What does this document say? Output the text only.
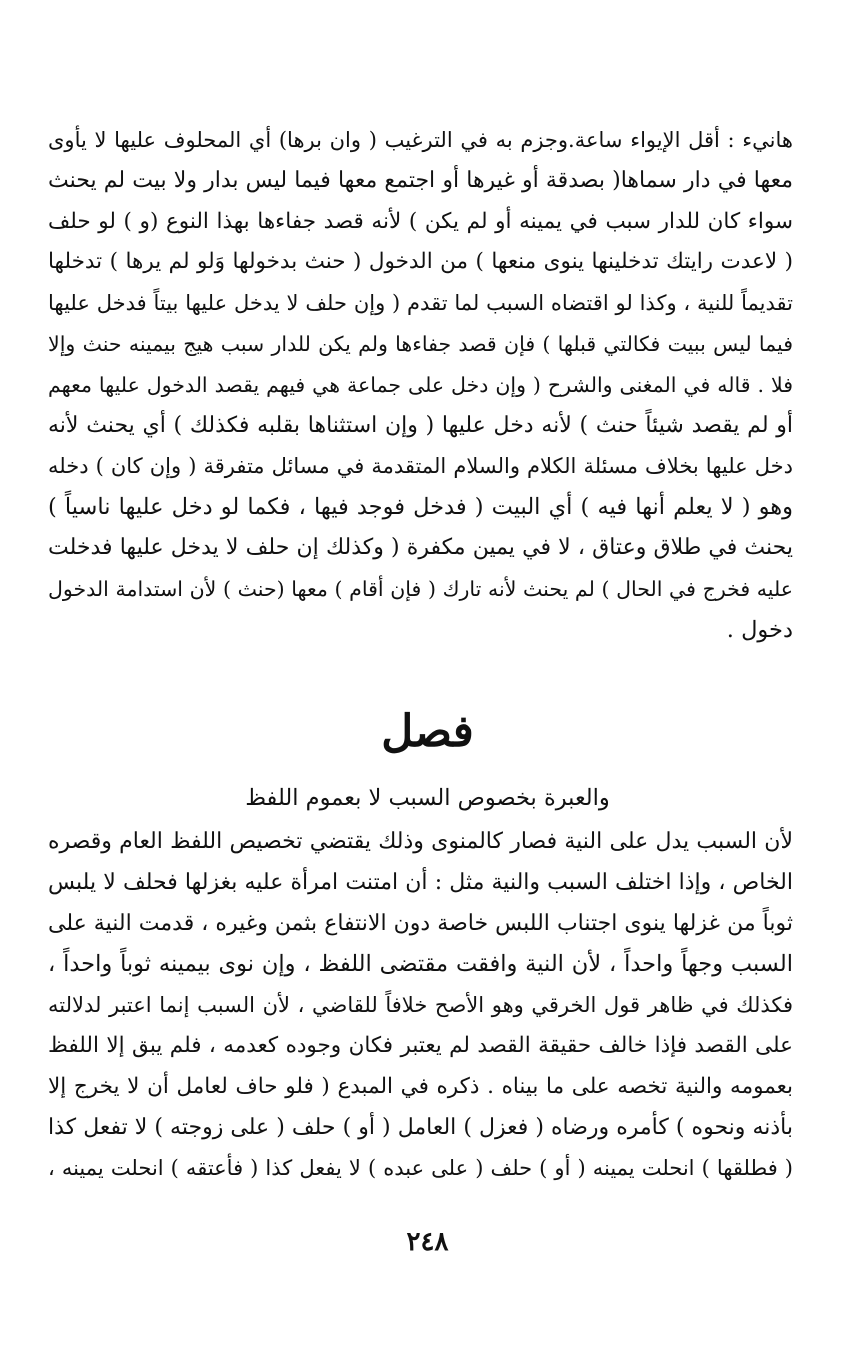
هانيء : أقل الإيواء ساعة.وجزم به في الترغيب ( وان برها) أي المحلوف عليها لا يأوى
معها في دار سماها( بصدقة أو غيرها أو اجتمع معها فيما ليس بدار ولا بيت لم يحنث
سواء كان للدار سبب في يمينه أو لم يكن ) لأنه قصد جفاءها بهذا النوع (و ) لو حلف
( لاعدت رايتك تدخلينها ينوى منعها ) من الدخول ( حنث بدخولها وَلو لم يرها ) تدخلها
تقديماً للنية ، وكذا لو اقتضاه السبب لما تقدم ( وإن حلف لا يدخل عليها بيتاً فدخل عليها
فيما ليس ببيت فكالتي قبلها ) فإن قصد جفاءها ولم يكن للدار سبب هيج بيمينه حنث وإلا
فلا . قاله في المغنى والشرح ( وإن دخل على جماعة هي فيهم يقصد الدخول عليها معهم
أو لم يقصد شيئاً حنث ) لأنه دخل عليها ( وإن استثناها بقلبه فكذلك ) أي يحنث لأنه
دخل عليها بخلاف مسئلة الكلام والسلام المتقدمة في مسائل متفرقة ( وإن كان ) دخله
وهو ( لا يعلم أنها فيه ) أي البيت ( فدخل فوجد فيها ، فكما لو دخل عليها ناسياً )
يحنث في طلاق وعتاق ، لا في يمين مكفرة ( وكذلك إن حلف لا يدخل عليها فدخلت
عليه فخرج في الحال ) لم يحنث لأنه تارك ( فإن أقام ) معها (حنث ) لأن استدامة الدخول
دخول .
فصل
والعبرة بخصوص السبب لا بعموم اللفظ
لأن السبب يدل على النية فصار كالمنوى وذلك يقتضي تخصيص اللفظ العام وقصره
الخاص ، وإذا اختلف السبب والنية مثل : أن امتنت امرأة عليه بغزلها فحلف لا يلبس
ثوباً من غزلها ينوى اجتناب اللبس خاصة دون الانتفاع بثمن وغيره ، قدمت النية على
السبب وجهاً واحداً ، لأن النية وافقت مقتضى اللفظ ، وإن نوى بيمينه ثوباً واحداً ،
فكذلك في ظاهر قول الخرقي وهو الأصح خلافاً للقاضي ، لأن السبب إنما اعتبر لدلالته
على القصد فإذا خالف حقيقة القصد لم يعتبر فكان وجوده كعدمه ، فلم يبق إلا اللفظ
بعمومه والنية تخصه على ما بيناه . ذكره في المبدع ( فلو حاف لعامل أن لا يخرج إلا
بأذنه ونحوه ) كأمره ورضاه ( فعزل ) العامل ( أو ) حلف ( على زوجته ) لا تفعل كذا
( فطلقها ) انحلت يمينه ( أو ) حلف ( على عبده ) لا يفعل كذا ( فأعتقه ) انحلت يمينه ،
٢٤٨
